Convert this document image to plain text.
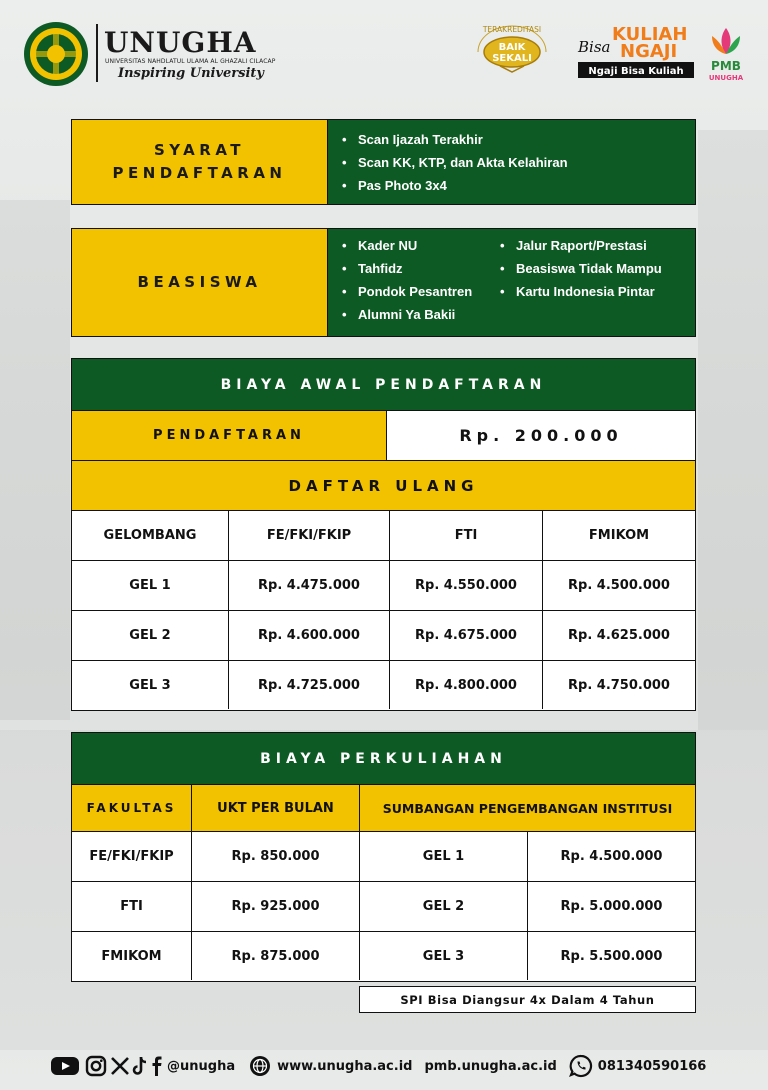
UNUGHA
UNIVERSITAS NAHDLATUL ULAMA AL GHAZALI CILACAP
Inspiring University
TERAKREDITASI
BAIK
SEKALI
KULIAH
Bisa NGAJI
Ngaji Bisa Kuliah PMB
UNUGHA
SYARAT
PENDAFTARAN
• Scan Ijazah Terakhir
• Scan KK, KTP, dan Akta Kelahiran
• Pas Photo 3x4
BEASISWA
• Kader NU
• Tahfidz
• Pondok Pesantren
• Alumni Ya Bakii
• Jalur Raport/Prestasi
• Beasiswa Tidak Mampu
• Kartu Indonesia Pintar
BIAYA AWAL PENDAFTARAN
PENDAFTARAN	Rp. 200.000
DAFTAR ULANG
GELOMBANG	FE/FKI/FKIP	FTI	FMIKOM
GEL 1	Rp. 4.475.000	Rp. 4.550.000	Rp. 4.500.000
GEL 2	Rp. 4.600.000	Rp. 4.675.000	Rp. 4.625.000
GEL 3	Rp. 4.725.000	Rp. 4.800.000	Rp. 4.750.000
BIAYA PERKULIAHAN
FAKULTAS	UKT PER BULAN	SUMBANGAN PENGEMBANGAN INSTITUSI
FE/FKI/FKIP	Rp. 850.000	GEL 1	Rp. 4.500.000
FTI	Rp. 925.000	GEL 2	Rp. 5.000.000
FMIKOM	Rp. 875.000	GEL 3	Rp. 5.500.000
SPI Bisa Diangsur 4x Dalam 4 Tahun
@unugha	www.unugha.ac.id pmb.unugha.ac.id	081340590166
